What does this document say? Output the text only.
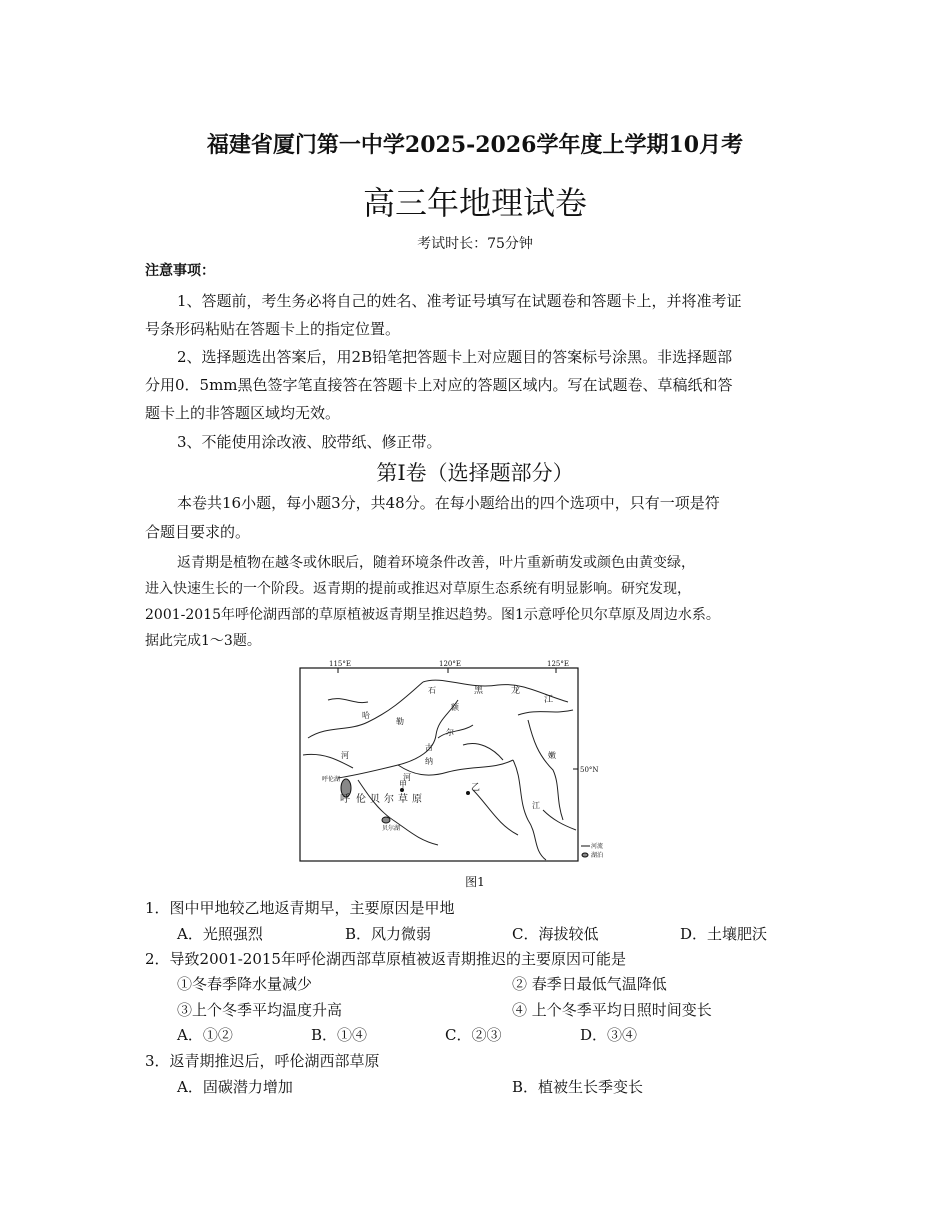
福建省厦门第一中学2025-2026学年度上学期10月考
高三年地理试卷
考试时长：75分钟
注意事项：
1、答题前，考生务必将自己的姓名、准考证号填写在试题卷和答题卡上，并将准考证
号条形码粘贴在答题卡上的指定位置。
2、选择题选出答案后，用2B铅笔把答题卡上对应题目的答案标号涂黑。非选择题部
分用0．5mm黑色签字笔直接答在答题卡上对应的答题区域内。写在试题卷、草稿纸和答
题卡上的非答题区域均无效。
3、不能使用涂改液、胶带纸、修正带。
第Ⅰ卷（选择题部分）
本卷共16小题，每小题3分，共48分。在每小题给出的四个选项中，只有一项是符
合题目要求的。
返青期是植物在越冬或休眠后，随着环境条件改善，叶片重新萌发或颜色由黄变绿，
进入快速生长的一个阶段。返青期的提前或推迟对草原生态系统有明显影响。研究发现，
2001-2015年呼伦湖西部的草原植被返青期呈推迟趋势。图1示意呼伦贝尔草原及周边水系。
据此完成1～3题。
115°E	120°E	125°E
50°N
石	黑	龙
江
额
尔
古
纳
河
嫩
江
哈
勒
河
呼伦湖
甲
呼 伦 贝 尔 草 原
贝尔湖
乙
河流
湖泊
图1
1．图中甲地较乙地返青期早，主要原因是甲地
A．光照强烈	B．风力微弱	C．海拔较低	D．土壤肥沃
2．导致2001-2015年呼伦湖西部草原植被返青期推迟的主要原因可能是
①冬春季降水量减少	② 春季日最低气温降低
③上个冬季平均温度升高	④ 上个冬季平均日照时间变长
A．①②	B．①④	C．②③	D．③④
3．返青期推迟后，呼伦湖西部草原
A．固碳潜力增加	B．植被生长季变长
